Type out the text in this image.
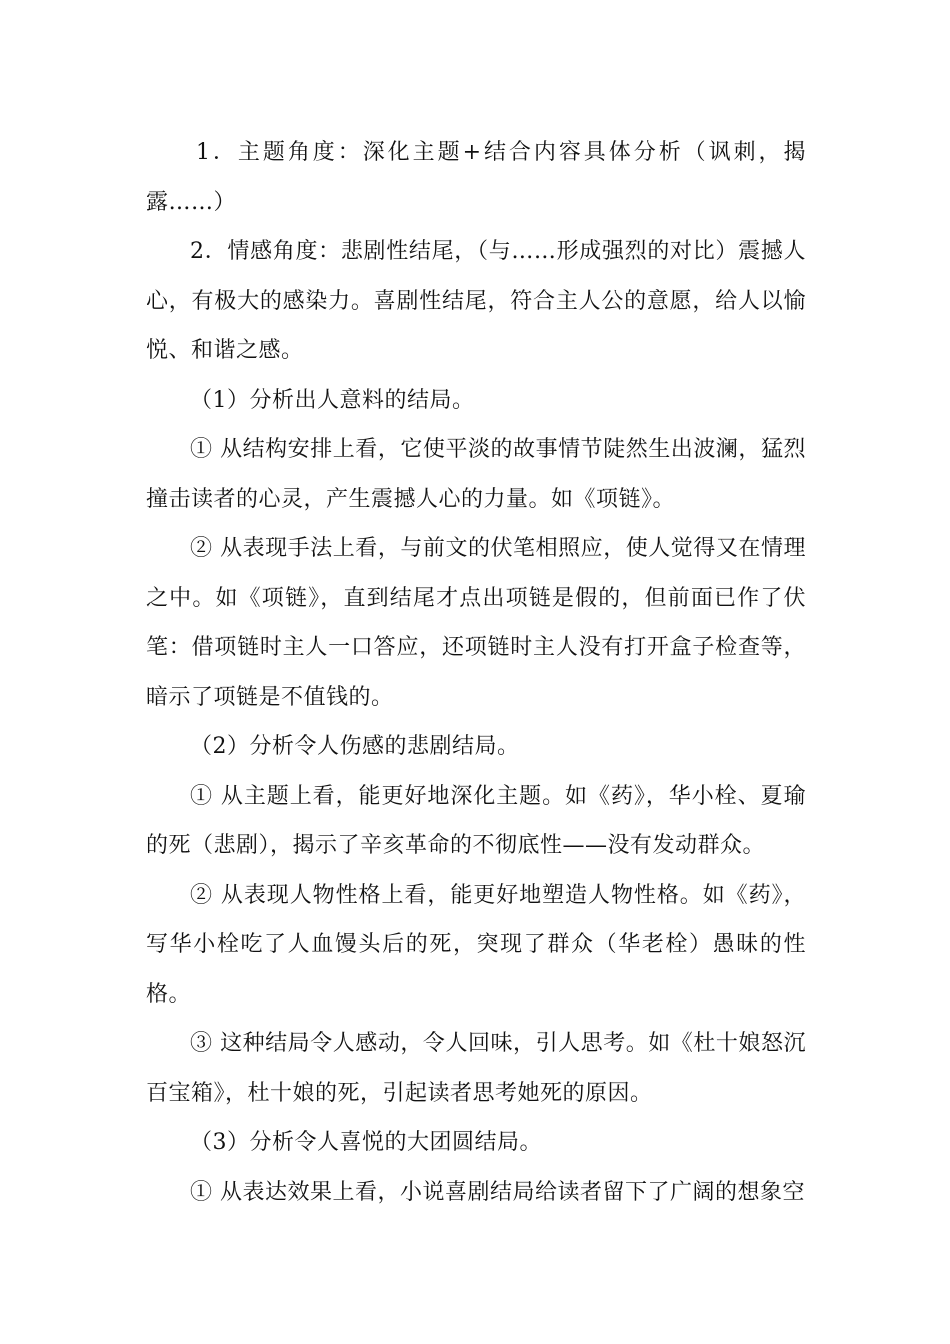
1．主题角度：深化主题+结合内容具体分析（讽刺，揭露……）

2．情感角度：悲剧性结尾，（与……形成强烈的对比）震撼人心，有极大的感染力。喜剧性结尾，符合主人公的意愿，给人以愉悦、和谐之感。

（1）分析出人意料的结局。

① 从结构安排上看，它使平淡的故事情节陡然生出波澜，猛烈撞击读者的心灵，产生震撼人心的力量。如《项链》。

② 从表现手法上看，与前文的伏笔相照应，使人觉得又在情理之中。如《项链》，直到结尾才点出项链是假的，但前面已作了伏笔：借项链时主人一口答应，还项链时主人没有打开盒子检查等，暗示了项链是不值钱的。

（2）分析令人伤感的悲剧结局。

① 从主题上看，能更好地深化主题。如《药》，华小栓、夏瑜的死（悲剧），揭示了辛亥革命的不彻底性——没有发动群众。

② 从表现人物性格上看，能更好地塑造人物性格。如《药》，写华小栓吃了人血馒头后的死，突现了群众（华老栓）愚昧的性格。

③ 这种结局令人感动，令人回味，引人思考。如《杜十娘怒沉百宝箱》，杜十娘的死，引起读者思考她死的原因。

（3）分析令人喜悦的大团圆结局。

① 从表达效果上看，小说喜剧结局给读者留下了广阔的想象空
